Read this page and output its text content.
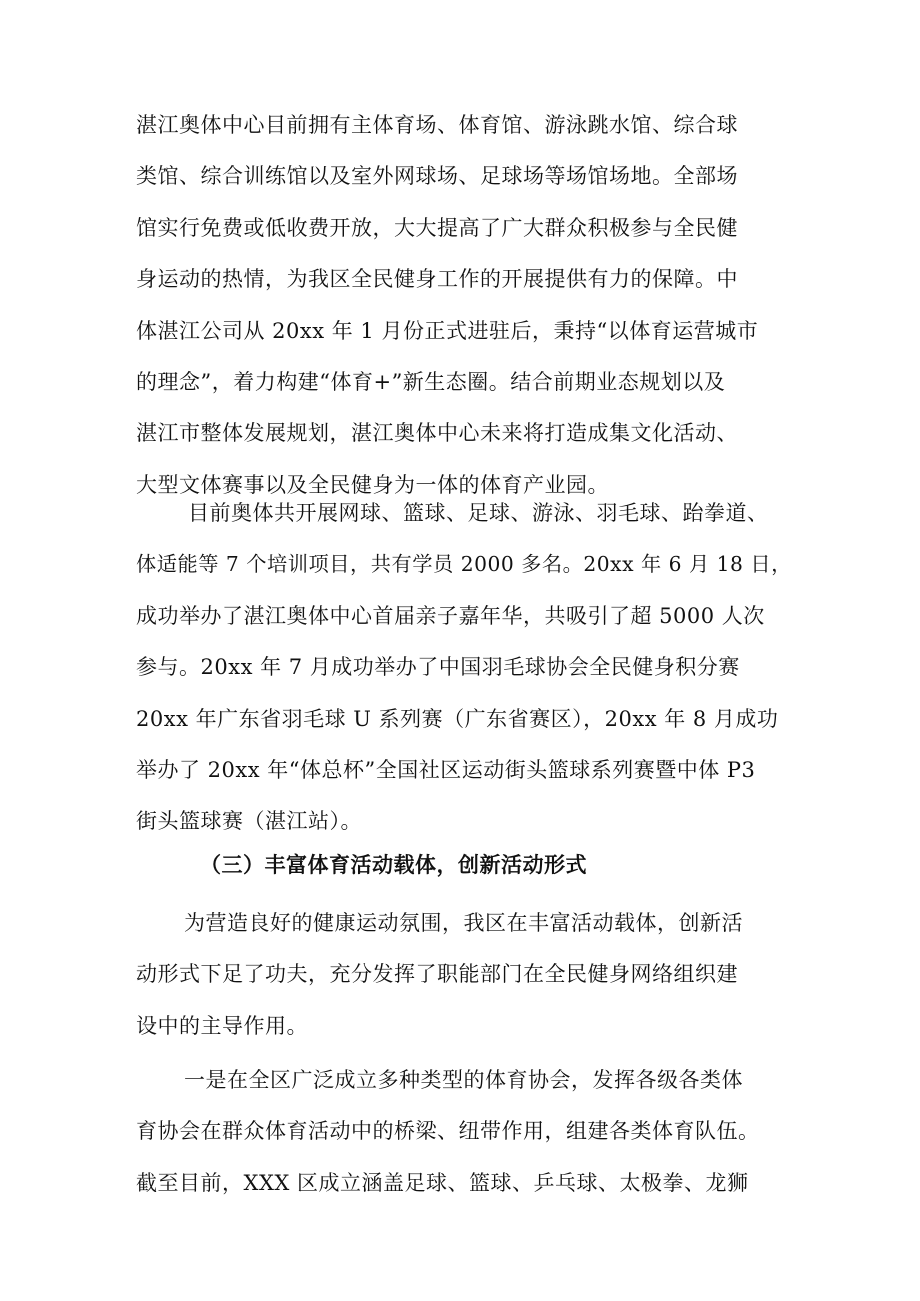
湛江奥体中心目前拥有主体育场、体育馆、游泳跳水馆、综合球
类馆、综合训练馆以及室外网球场、足球场等场馆场地。全部场
馆实行免费或低收费开放，大大提高了广大群众积极参与全民健
身运动的热情，为我区全民健身工作的开展提供有力的保障。中
体湛江公司从 20xx 年 1 月份正式进驻后，秉持“以体育运营城市
的理念”，着力构建“体育+”新生态圈。结合前期业态规划以及
湛江市整体发展规划，湛江奥体中心未来将打造成集文化活动、
大型文体赛事以及全民健身为一体的体育产业园。
目前奥体共开展网球、篮球、足球、游泳、羽毛球、跆拳道、
体适能等 7 个培训项目，共有学员 2000 多名。20xx 年 6 月 18 日，
成功举办了湛江奥体中心首届亲子嘉年华，共吸引了超 5000 人次
参与。20xx 年 7 月成功举办了中国羽毛球协会全民健身积分赛
20xx 年广东省羽毛球 U 系列赛（广东省赛区），20xx 年 8 月成功
举办了 20xx 年“体总杯”全国社区运动街头篮球系列赛暨中体 P3
街头篮球赛（湛江站）。
（三）丰富体育活动载体，创新活动形式
为营造良好的健康运动氛围，我区在丰富活动载体，创新活
动形式下足了功夫，充分发挥了职能部门在全民健身网络组织建
设中的主导作用。
一是在全区广泛成立多种类型的体育协会，发挥各级各类体
育协会在群众体育活动中的桥梁、纽带作用，组建各类体育队伍。
截至目前，XXX 区成立涵盖足球、篮球、乒乓球、太极拳、龙狮
